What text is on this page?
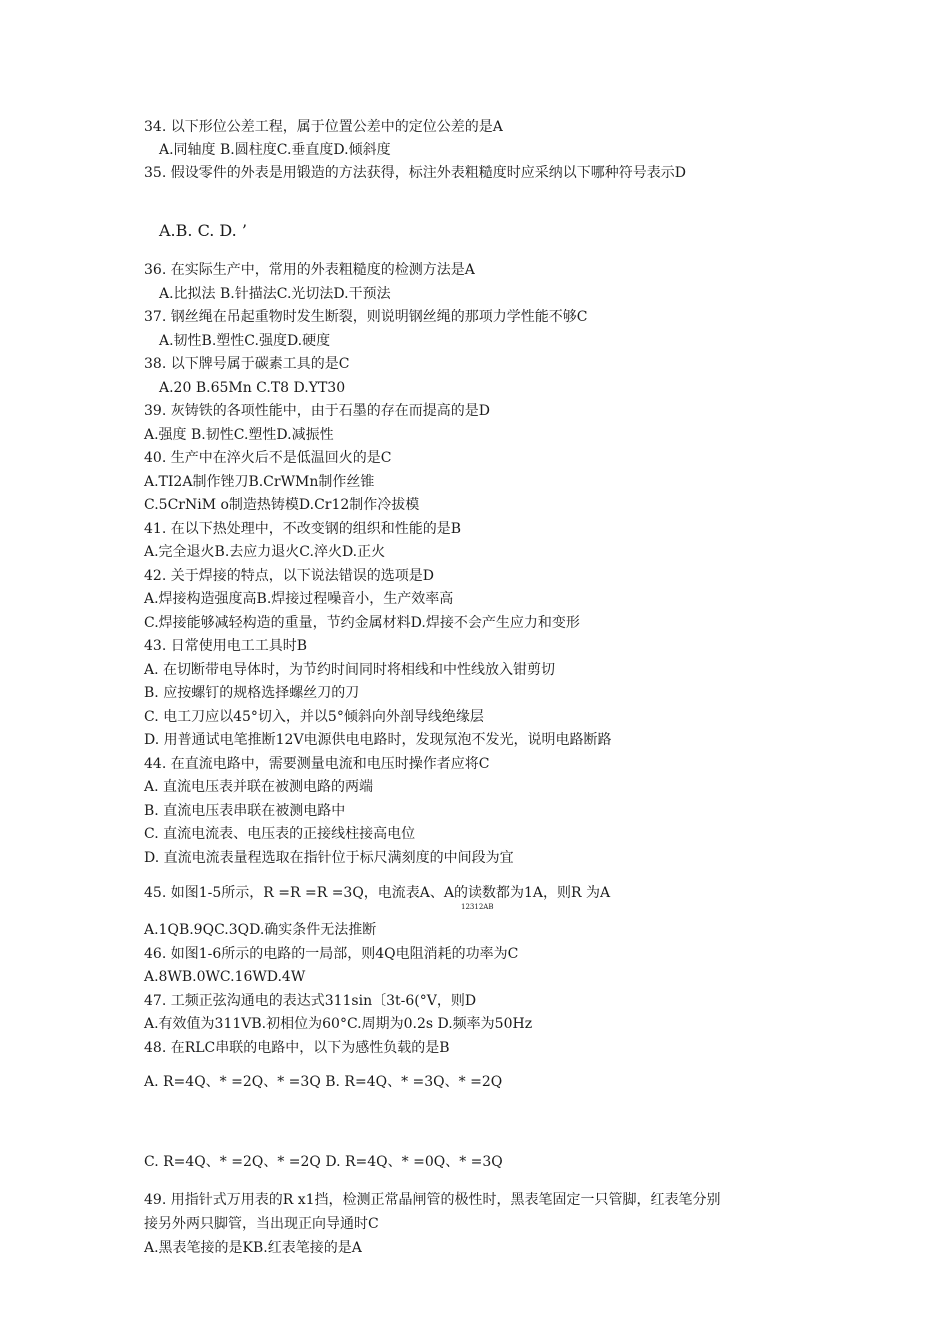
34. 以下形位公差工程，属于位置公差中的定位公差的是A
A.同轴度 B.圆柱度C.垂直度D.倾斜度
35. 假设零件的外表是用锻造的方法获得，标注外表粗糙度时应采纳以下哪种符号表示D
A.B. C. D. ’
36. 在实际生产中，常用的外表粗糙度的检测方法是A
A.比拟法 B.针描法C.光切法D.干预法
37. 钢丝绳在吊起重物时发生断裂，则说明钢丝绳的那项力学性能不够C
A.韧性B.塑性C.强度D.硬度
38. 以下牌号属于碳素工具的是C
A.20 B.65Mn C.T8 D.YT30
39. 灰铸铁的各项性能中，由于石墨的存在而提高的是D
A.强度 B.韧性C.塑性D.减振性
40. 生产中在淬火后不是低温回火的是C
A.TI2A制作锉刀B.CrWMn制作丝锥
C.5CrNiM o制造热铸模D.Cr12制作冷拔模
41. 在以下热处理中，不改变钢的组织和性能的是B
A.完全退火B.去应力退火C.淬火D.正火
42. 关于焊接的特点，以下说法错误的选项是D
A.焊接构造强度高B.焊接过程噪音小，生产效率高
C.焊接能够减轻构造的重量，节约金属材料D.焊接不会产生应力和变形
43. 日常使用电工工具时B
A. 在切断带电导体时，为节约时间同时将相线和中性线放入钳剪切
B. 应按螺钉的规格选择螺丝刀的刀
C. 电工刀应以45°切入，并以5°倾斜向外剖导线绝缘层
D. 用普通试电笔推断12V电源供电电路时，发现氖泡不发光，说明电路断路
44. 在直流电路中，需要测量电流和电压时操作者应将C
A. 直流电压表并联在被测电路的两端
B. 直流电压表串联在被测电路中
C. 直流电流表、电压表的正接线柱接高电位
D. 直流电流表量程选取在指针位于标尺满刻度的中间段为宜
45. 如图1-5所示，R =R =R =3Q，电流表A、A的读数都为1A，则R 为A
12312AB
A.1QB.9QC.3QD.确实条件无法推断
46. 如图1-6所示的电路的一局部，则4Q电阻消耗的功率为C
A.8WB.0WC.16WD.4W
47. 工频正弦沟通电的表达式311sin〔3t-6(°V，则D
A.有效值为311VB.初相位为60°C.周期为0.2s D.频率为50Hz
48. 在RLC串联的电路中，以下为感性负载的是B
A. R=4Q、* =2Q、* =3Q B. R=4Q、* =3Q、* =2Q
C. R=4Q、* =2Q、* =2Q D. R=4Q、* =0Q、* =3Q
49. 用指针式万用表的R x1挡，检测正常晶闸管的极性时，黑表笔固定一只管脚，红表笔分别
接另外两只脚管，当出现正向导通时C
A.黑表笔接的是KB.红表笔接的是A
